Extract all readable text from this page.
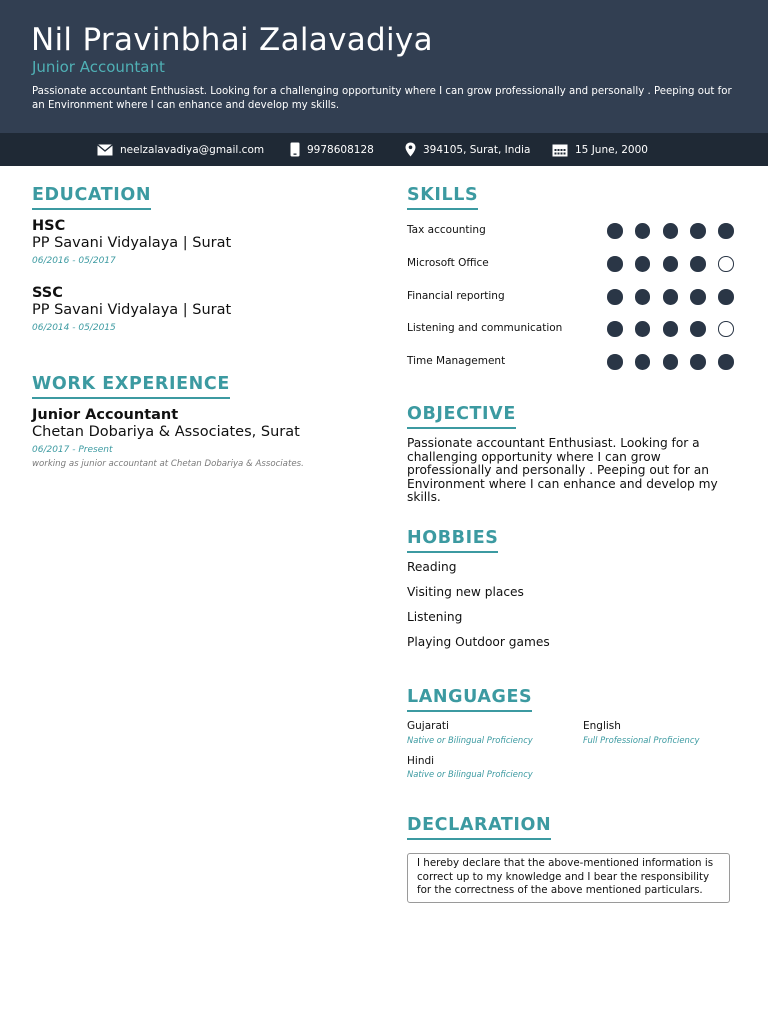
Nil Pravinbhai Zalavadiya
Junior Accountant
Passionate accountant Enthusiast. Looking for a challenging opportunity where I can grow professionally and personally . Peeping out for an Environment where I can enhance and develop my skills.
neelzalavadiya@gmail.com	9978608128	394105, Surat, India	15 June, 2000
EDUCATION
HSC
PP Savani Vidyalaya | Surat
06/2016 - 05/2017
SSC
PP Savani Vidyalaya | Surat
06/2014 - 05/2015
WORK EXPERIENCE
Junior Accountant
Chetan Dobariya & Associates, Surat
06/2017 - Present
working as junior accountant at Chetan Dobariya & Associates.
SKILLS
Tax accounting
Microsoft Office
Financial reporting
Listening and communication
Time Management
OBJECTIVE
Passionate accountant Enthusiast. Looking for a challenging opportunity where I can grow professionally and personally . Peeping out for an Environment where I can enhance and develop my skills.
HOBBIES
Reading
Visiting new places
Listening
Playing Outdoor games
LANGUAGES
Gujarati
Native or Bilingual Proficiency
English
Full Professional Proficiency
Hindi
Native or Bilingual Proficiency
DECLARATION
I hereby declare that the above-mentioned information is correct up to my knowledge and I bear the responsibility for the correctness of the above mentioned particulars.
